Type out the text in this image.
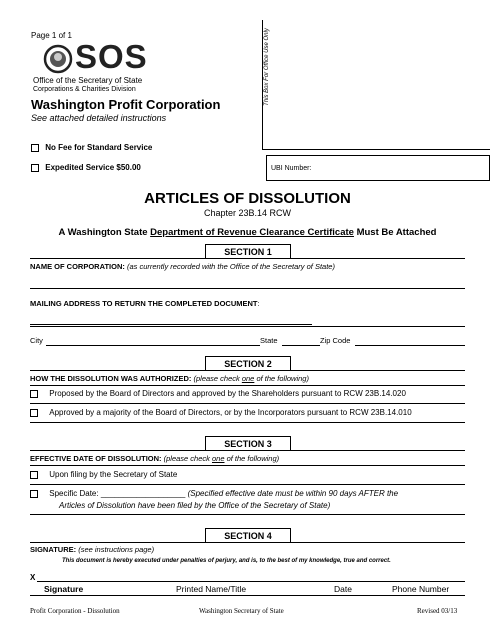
Page 1 of 1
SOS
Office of the Secretary of State
Corporations & Charities Division	This Box For Office Use Only
Washington Profit Corporation
See attached detailed instructions
No Fee for Standard Service
Expedited Service $50.00	UBI Number:
ARTICLES OF DISSOLUTION
Chapter 23B.14 RCW
A Washington State Department of Revenue Clearance Certificate Must Be Attached
SECTION 1
NAME OF CORPORATION: (as currently recorded with the Office of the Secretary of State)
MAILING ADDRESS TO RETURN THE COMPLETED DOCUMENT:
City	State	Zip Code
SECTION 2
HOW THE DISSOLUTION WAS AUTHORIZED: (please check one of the following)
Proposed by the Board of Directors and approved by the Shareholders pursuant to RCW 23B.14.020
Approved by a majority of the Board of Directors, or by the Incorporators pursuant to RCW 23B.14.010
SECTION 3
EFFECTIVE DATE OF DISSOLUTION: (please check one of the following)
Upon filing by the Secretary of State
Specific Date: ___________________ (Specified effective date must be within 90 days AFTER the
Articles of Dissolution have been filed by the Office of the Secretary of State)
SECTION 4
SIGNATURE: (see instructions page)
This document is hereby executed under penalties of perjury, and is, to the best of my knowledge, true and correct.
X
Signature	Printed Name/Title	Date	Phone Number
Profit Corporation - Dissolution	Washington Secretary of State	Revised 03/13
